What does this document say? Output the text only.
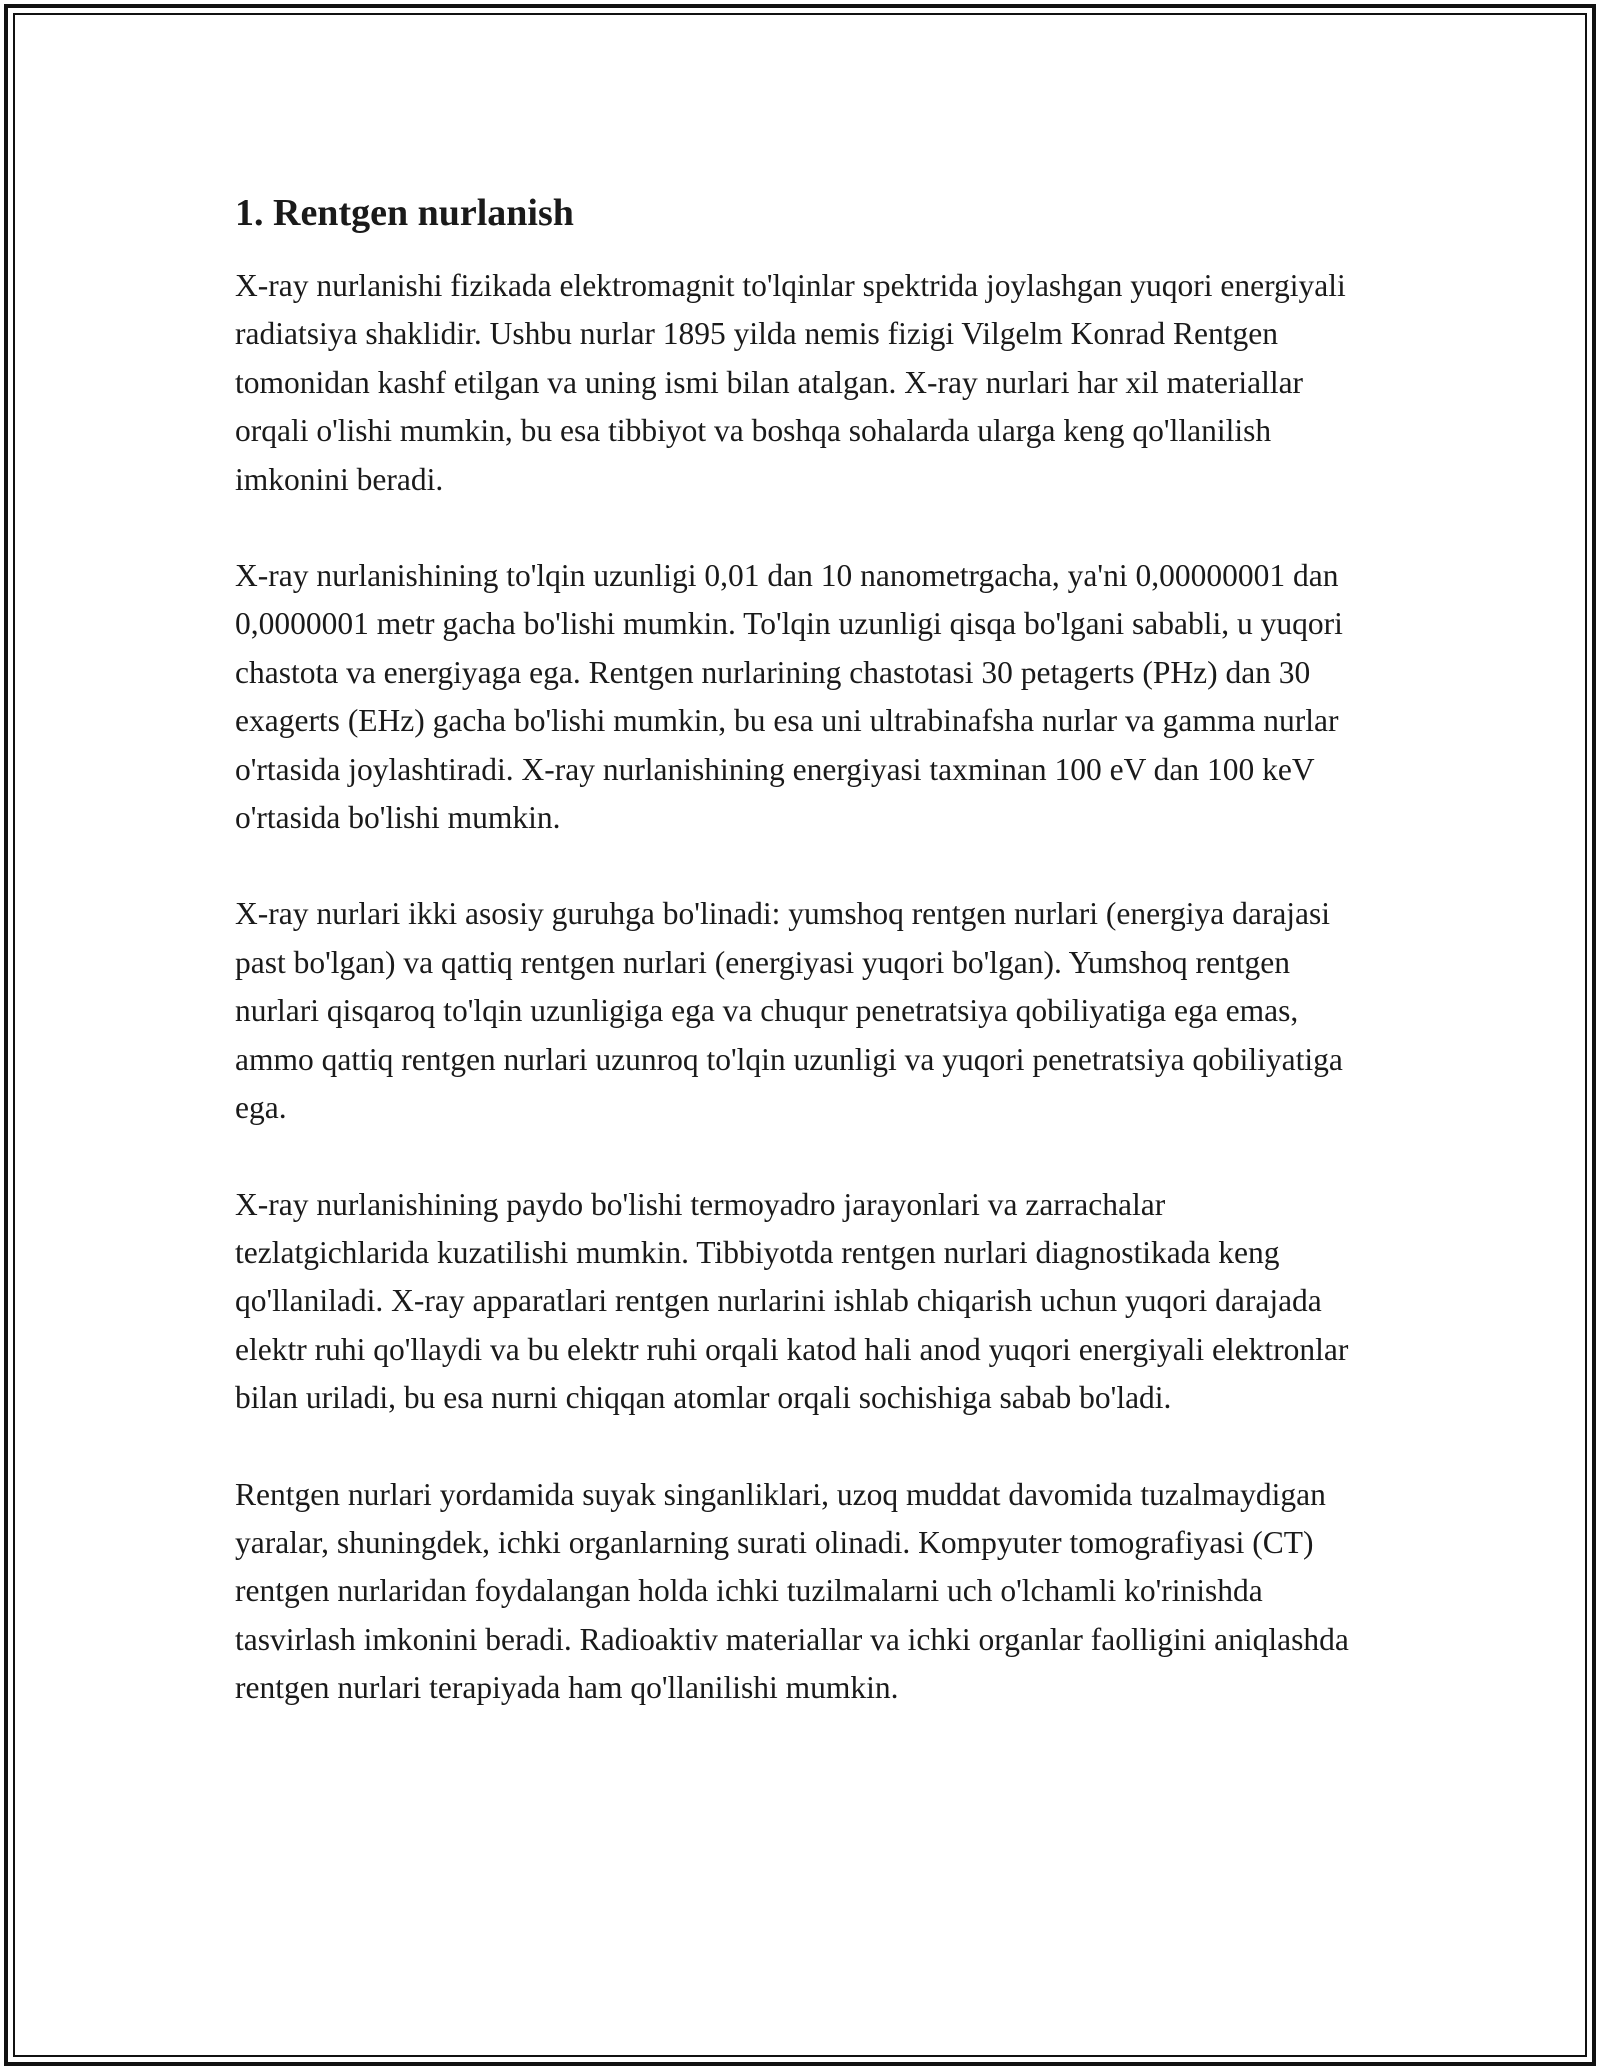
1. Rentgen nurlanish

X-ray nurlanishi fizikada elektromagnit to'lqinlar spektrida joylashgan yuqori energiyali radiatsiya shaklidir. Ushbu nurlar 1895 yilda nemis fizigi Vilgelm Konrad Rentgen tomonidan kashf etilgan va uning ismi bilan atalgan. X-ray nurlari har xil materiallar orqali o'lishi mumkin, bu esa tibbiyot va boshqa sohalarda ularga keng qo'llanilish imkonini beradi.

X-ray nurlanishining to'lqin uzunligi 0,01 dan 10 nanometrgacha, ya'ni 0,00000001 dan 0,0000001 metr gacha bo'lishi mumkin. To'lqin uzunligi qisqa bo'lgani sababli, u yuqori chastota va energiyaga ega. Rentgen nurlarining chastotasi 30 petagerts (PHz) dan 30 exagerts (EHz) gacha bo'lishi mumkin, bu esa uni ultrabinafsha nurlar va gamma nurlar o'rtasida joylashtiradi. X-ray nurlanishining energiyasi taxminan 100 eV dan 100 keV o'rtasida bo'lishi mumkin.

X-ray nurlari ikki asosiy guruhga bo'linadi: yumshoq rentgen nurlari (energiya darajasi past bo'lgan) va qattiq rentgen nurlari (energiyasi yuqori bo'lgan). Yumshoq rentgen nurlari qisqaroq to'lqin uzunligiga ega va chuqur penetratsiya qobiliyatiga ega emas, ammo qattiq rentgen nurlari uzunroq to'lqin uzunligi va yuqori penetratsiya qobiliyatiga ega.

X-ray nurlanishining paydo bo'lishi termoyadro jarayonlari va zarrachalar tezlatgichlarida kuzatilishi mumkin. Tibbiyotda rentgen nurlari diagnostikada keng qo'llaniladi. X-ray apparatlari rentgen nurlarini ishlab chiqarish uchun yuqori darajada elektr ruhi qo'llaydi va bu elektr ruhi orqali katod hali anod yuqori energiyali elektronlar bilan uriladi, bu esa nurni chiqqan atomlar orqali sochishiga sabab bo'ladi.

Rentgen nurlari yordamida suyak singanliklari, uzoq muddat davomida tuzalmaydigan yaralar, shuningdek, ichki organlarning surati olinadi. Kompyuter tomografiyasi (CT) rentgen nurlaridan foydalangan holda ichki tuzilmalarni uch o'lchamli ko'rinishda tasvirlash imkonini beradi. Radioaktiv materiallar va ichki organlar faolligini aniqlashda rentgen nurlari terapiyada ham qo'llanilishi mumkin.
